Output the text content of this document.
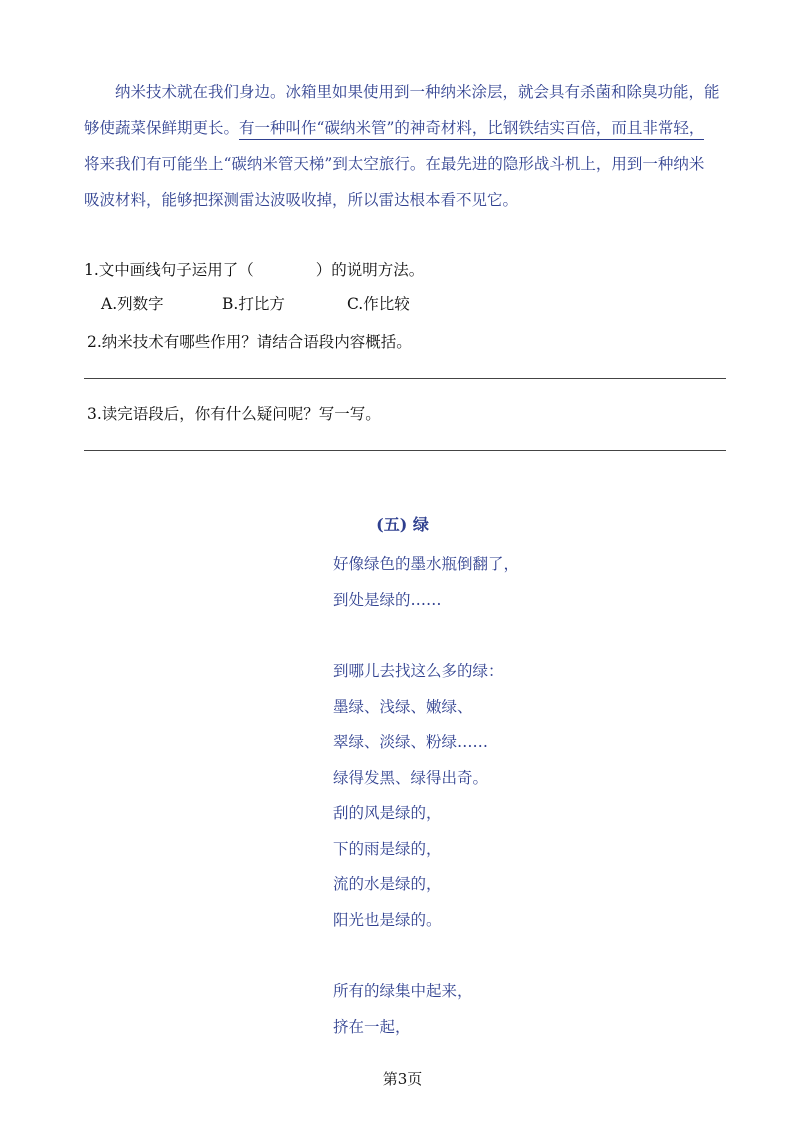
纳米技术就在我们身边。冰箱里如果使用到一种纳米涂层，就会具有杀菌和除臭功能，能
够使蔬菜保鲜期更长。有一种叫作“碳纳米管”的神奇材料，比钢铁结实百倍，而且非常轻，
将来我们有可能坐上“碳纳米管天梯”到太空旅行。在最先进的隐形战斗机上，用到一种纳米
吸波材料，能够把探测雷达波吸收掉，所以雷达根本看不见它。
1.文中画线句子运用了（　　　　）的说明方法。
A.列数字	B.打比方	C.作比较
2.纳米技术有哪些作用？请结合语段内容概括。
3.读完语段后，你有什么疑问呢？写一写。
(五) 绿
好像绿色的墨水瓶倒翻了，
到处是绿的……
到哪儿去找这么多的绿：
墨绿、浅绿、嫩绿、
翠绿、淡绿、粉绿……
绿得发黑、绿得出奇。
刮的风是绿的，
下的雨是绿的，
流的水是绿的，
阳光也是绿的。
所有的绿集中起来，
挤在一起，
第3页
